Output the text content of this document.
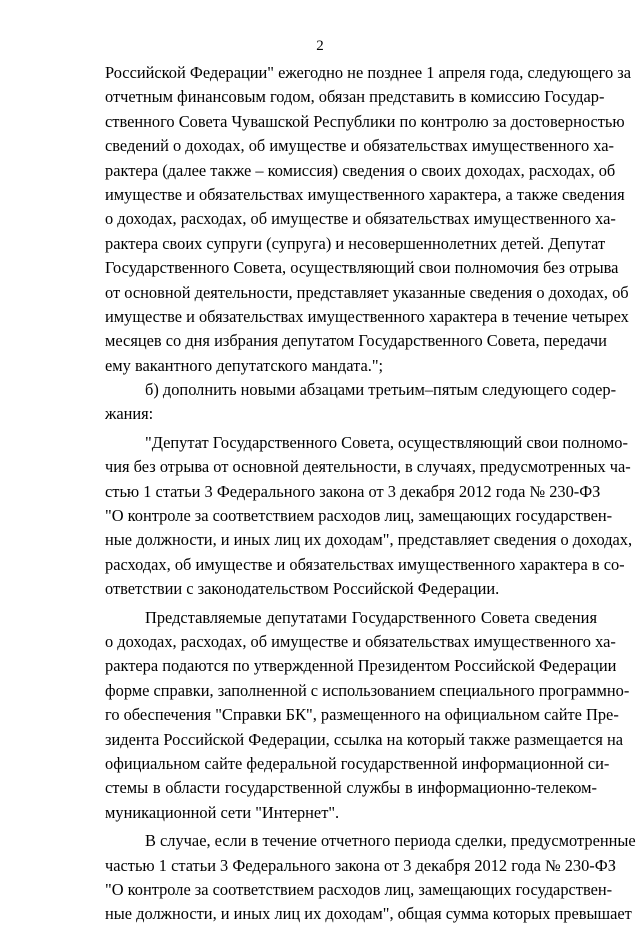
2
Российской Федерации" ежегодно не позднее 1 апреля года, следующего за
отчетным финансовым годом, обязан представить в комиссию Государ-
ственного Совета Чувашской Республики по контролю за достоверностью
сведений о доходах, об имуществе и обязательствах имущественного ха-
рактера (далее также – комиссия) сведения о своих доходах, расходах, об
имуществе и обязательствах имущественного характера, а также сведения
о доходах, расходах, об имуществе и обязательствах имущественного ха-
рактера своих супруги (супруга) и несовершеннолетних детей. Депутат
Государственного Совета, осуществляющий свои полномочия без отрыва
от основной деятельности, представляет указанные сведения о доходах, об
имуществе и обязательствах имущественного характера в течение четырех
месяцев со дня избрания депутатом Государственного Совета, передачи
ему вакантного депутатского мандата.";
б) дополнить новыми абзацами третьим–пятым следующего содер-
жания:
"Депутат Государственного Совета, осуществляющий свои полномо-
чия без отрыва от основной деятельности, в случаях, предусмотренных ча-
стью 1 статьи 3 Федерального закона от 3 декабря 2012 года № 230-ФЗ
"О контроле за соответствием расходов лиц, замещающих государствен-
ные должности, и иных лиц их доходам", представляет сведения о доходах,
расходах, об имуществе и обязательствах имущественного характера в со-
ответствии с законодательством Российской Федерации.
Представляемые депутатами Государственного Совета сведения
о доходах, расходах, об имуществе и обязательствах имущественного ха-
рактера подаются по утвержденной Президентом Российской Федерации
форме справки, заполненной с использованием специального программно-
го обеспечения "Справки БК", размещенного на официальном сайте Пре-
зидента Российской Федерации, ссылка на который также размещается на
официальном сайте федеральной государственной информационной си-
стемы в области государственной службы в информационно-телеком-
муникационной сети "Интернет".
В случае, если в течение отчетного периода сделки, предусмотренные
частью 1 статьи 3 Федерального закона от 3 декабря 2012 года № 230-ФЗ
"О контроле за соответствием расходов лиц, замещающих государствен-
ные должности, и иных лиц их доходам", общая сумма которых превышает
